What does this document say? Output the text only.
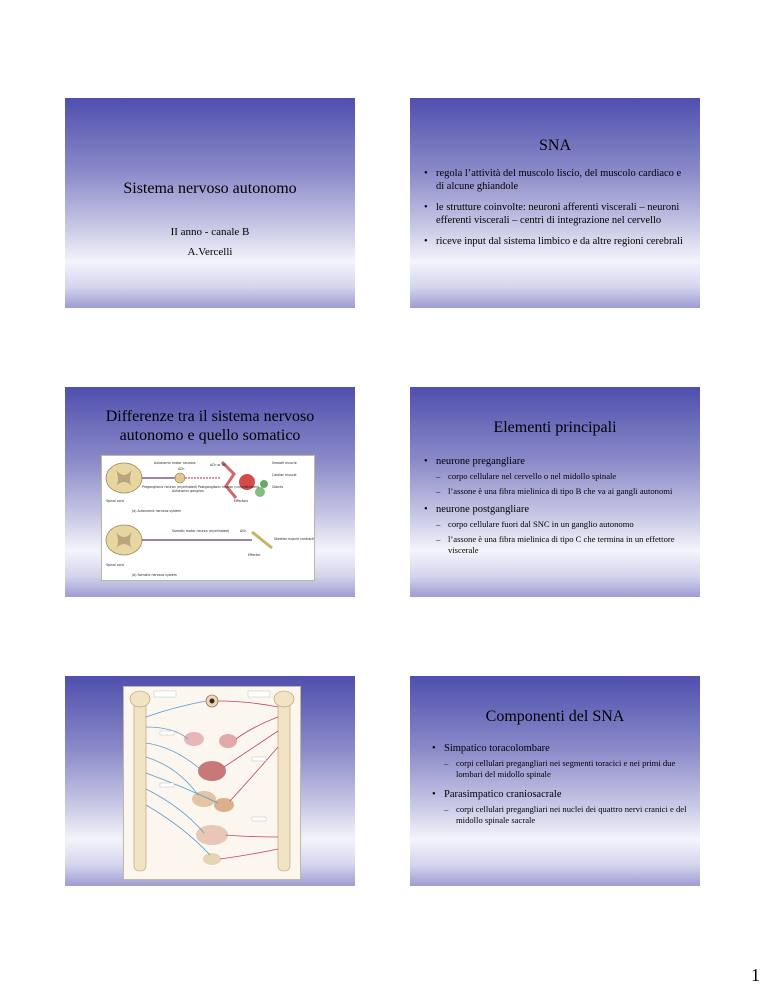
Sistema nervoso autonomo
II anno - canale B
A.Vercelli
SNA
• regola l’attività del muscolo liscio, del muscolo cardiaco e di alcune ghiandole
• le strutture coinvolte: neuroni afferenti viscerali – neuroni efferenti viscerali – centri di integrazione nel cervello
• riceve input dal sistema limbico e da altre regioni cerebrali
Differenze tra il sistema nervoso autonomo e quello somatico
Spinal cord
Autonomic motor neurons
Preganglionic neuron (myelinated)
Autonomic ganglion
ACh
ACh or NE
Postganglionic neuron (unmyelinated)
Effectors
Smooth muscle
Cardiac muscle
Glands
(a) Autonomic nervous system
Spinal cord
Somatic motor neuron (myelinated)	ACh
Effector
Skeletal muscle contraction
(b) Somatic nervous system
Elementi principali
• neurone pregangliare
– corpo cellulare nel cervello o nel midollo spinale
– l’assone è una fibra mielinica di tipo B che va ai gangli autonomi
• neurone postgangliare
– corpo cellulare fuori dal SNC in un ganglio autonomo
– l’assone è una fibra mielinica di tipo C che termina in un effettore viscerale
Componenti del SNA
• Simpatico toracolombare
– corpi cellulari pregangliari nei segmenti toracici e nei primi due lombari del midollo spinale
• Parasimpatico craniosacrale
– corpi cellulari pregangliari nei nuclei dei quattro nervi cranici e del midollo spinale sacrale
1
